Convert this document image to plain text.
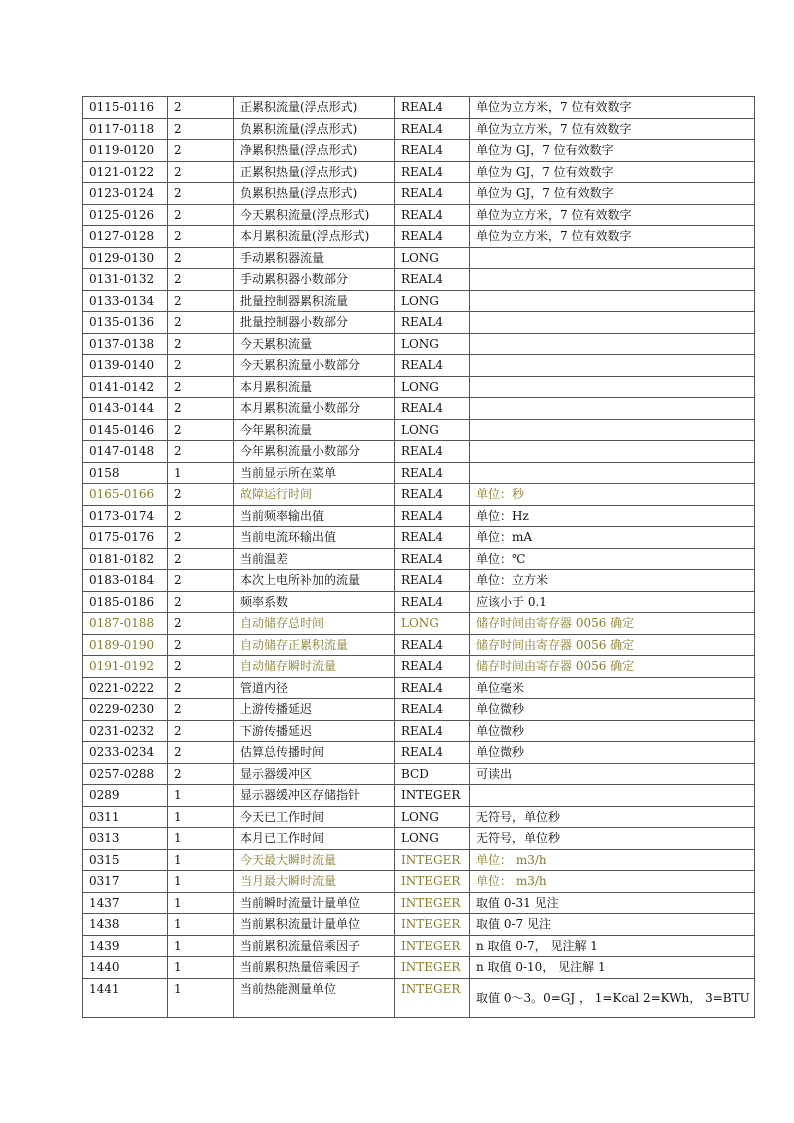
0115-0116	2	正累积流量(浮点形式)	REAL4	单位为立方米，7 位有效数字
0117-0118	2	负累积流量(浮点形式)	REAL4	单位为立方米，7 位有效数字
0119-0120	2	净累积热量(浮点形式)	REAL4	单位为 GJ，7 位有效数字
0121-0122	2	正累积热量(浮点形式)	REAL4	单位为 GJ，7 位有效数字
0123-0124	2	负累积热量(浮点形式)	REAL4	单位为 GJ，7 位有效数字
0125-0126	2	今天累积流量(浮点形式)	REAL4	单位为立方米，7 位有效数字
0127-0128	2	本月累积流量(浮点形式)	REAL4	单位为立方米，7 位有效数字
0129-0130	2	手动累积器流量	LONG	
0131-0132	2	手动累积器小数部分	REAL4	
0133-0134	2	批量控制器累积流量	LONG	
0135-0136	2	批量控制器小数部分	REAL4	
0137-0138	2	今天累积流量	LONG	
0139-0140	2	今天累积流量小数部分	REAL4	
0141-0142	2	本月累积流量	LONG	
0143-0144	2	本月累积流量小数部分	REAL4	
0145-0146	2	今年累积流量	LONG	
0147-0148	2	今年累积流量小数部分	REAL4	
0158	1	当前显示所在菜单	REAL4	
0165-0166	2	故障运行时间	REAL4	单位：秒
0173-0174	2	当前频率输出值	REAL4	单位：Hz
0175-0176	2	当前电流环输出值	REAL4	单位：mA
0181-0182	2	当前温差	REAL4	单位：℃
0183-0184	2	本次上电所补加的流量	REAL4	单位：立方米
0185-0186	2	频率系数	REAL4	应该小于 0.1
0187-0188	2	自动储存总时间	LONG	储存时间由寄存器 0056 确定
0189-0190	2	自动储存正累积流量	REAL4	储存时间由寄存器 0056 确定
0191-0192	2	自动储存瞬时流量	REAL4	储存时间由寄存器 0056 确定
0221-0222	2	管道内径	REAL4	单位毫米
0229-0230	2	上游传播延迟	REAL4	单位微秒
0231-0232	2	下游传播延迟	REAL4	单位微秒
0233-0234	2	估算总传播时间	REAL4	单位微秒
0257-0288	2	显示器缓冲区	BCD	可读出
0289	1	显示器缓冲区存储指针	INTEGER	
0311	1	今天已工作时间	LONG	无符号，单位秒
0313	1	本月已工作时间	LONG	无符号，单位秒
0315	1	今天最大瞬时流量	INTEGER	单位： m3/h
0317	1	当月最大瞬时流量	INTEGER	单位： m3/h
1437	1	当前瞬时流量计量单位	INTEGER	取值 0-31 见注
1438	1	当前累积流量计量单位	INTEGER	取值 0-7 见注
1439	1	当前累积流量倍乘因子	INTEGER	n 取值 0-7， 见注解 1
1440	1	当前累积热量倍乘因子	INTEGER	n 取值 0-10， 见注解 1
1441	1	当前热能测量单位	INTEGER	取值 0～3。0=GJ ， 1=Kcal 2=KWh， 3=BTU
